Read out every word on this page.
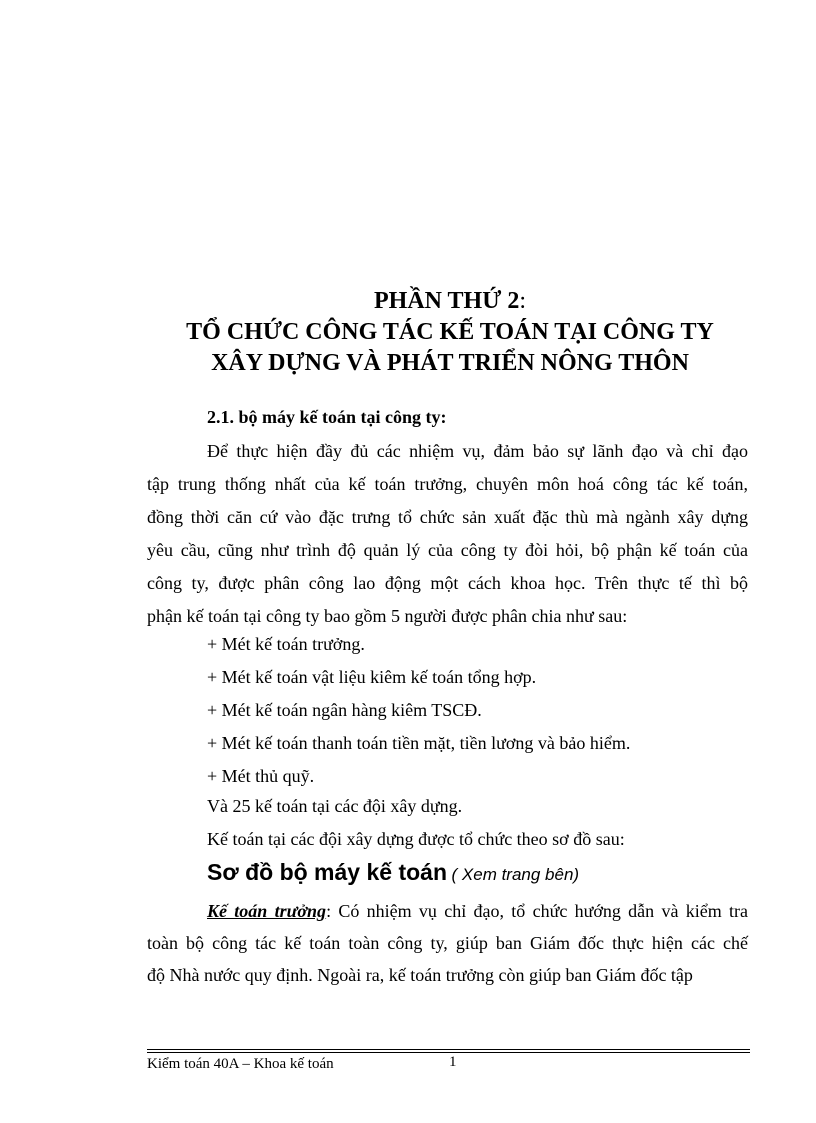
PHẦN THỨ 2:
TỔ CHỨC CÔNG TÁC KẾ TOÁN TẠI CÔNG TY
XÂY DỰNG VÀ PHÁT TRIỂN NÔNG THÔN
2.1. bộ máy kế toán tại công ty:
Để thực hiện đầy đủ các nhiệm vụ, đảm bảo sự lãnh đạo và chỉ đạo
tập trung thống nhất của kế toán trưởng, chuyên môn hoá công tác kế toán,
đồng thời căn cứ vào đặc trưng tổ chức sản xuất đặc thù mà ngành xây dựng
yêu cầu, cũng như trình độ quản lý của công ty đòi hỏi, bộ phận kế toán của
công ty, được phân công lao động một cách khoa học. Trên thực tế thì bộ
phận kế toán tại công ty bao gồm 5 người được phân chia như sau:
+ Mét kế toán trưởng.
+ Mét kế toán vật liệu kiêm kế toán tổng hợp.
+ Mét kế toán ngân hàng kiêm TSCĐ.
+ Mét kế toán thanh toán tiền mặt, tiền lương và bảo hiểm.
+ Mét thủ quỹ.
Và 25 kế toán tại các đội xây dựng.
Kế toán tại các đội xây dựng được tổ chức theo sơ đồ sau:
Sơ đồ bộ máy kế toán ( Xem trang bên)
Kế toán trưởng: Có nhiệm vụ chỉ đạo, tổ chức hướng dẫn và kiểm tra
toàn bộ công tác kế toán toàn công ty, giúp ban Giám đốc thực hiện các chế
độ Nhà nước quy định. Ngoài ra, kế toán trưởng còn giúp ban Giám đốc tập
Kiểm toán 40A – Khoa kế toán	1
